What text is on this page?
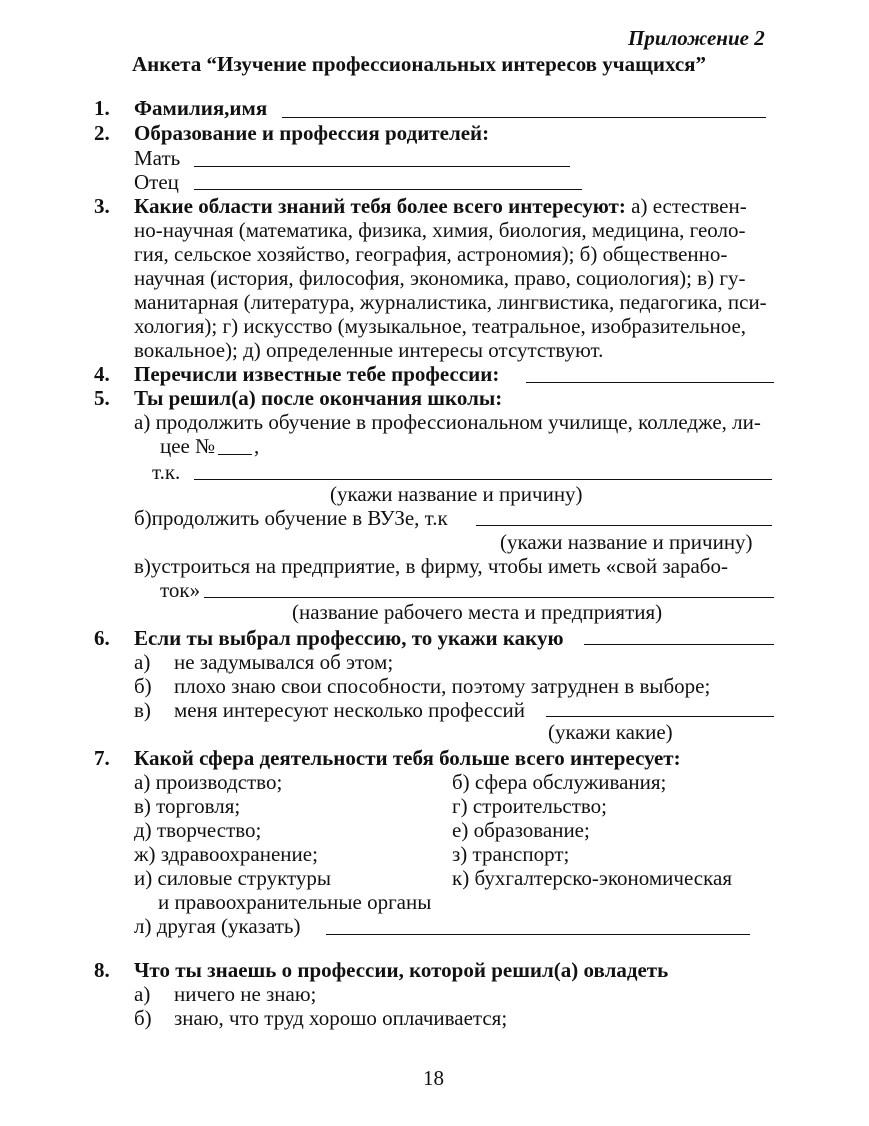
Приложение 2
Анкета “Изучение профессиональных интересов учащихся”
1. Фамилия,имя
2. Образование и профессия родителей:
Мать
Отец
3. Какие области знаний тебя более всего интересуют: а) естествен-
но-научная (математика, физика, химия, биология, медицина, геоло-
гия, сельское хозяйство, география, астрономия); б) общественно-
научная (история, философия, экономика, право, социология); в) гу-
манитарная (литература, журналистика, лингвистика, педагогика, пси-
хология); г) искусство (музыкальное, театральное, изобразительное,
вокальное); д) определенные интересы отсутствуют.
4. Перечисли известные тебе профессии:
5. Ты решил(а) после окончания школы:
а) продолжить обучение в профессиональном училище, колледже, ли-
цее № ,
т.к.
(укажи название и причину)
б)продолжить обучение в ВУЗе, т.к
(укажи название и причину)
в)устроиться на предприятие, в фирму, чтобы иметь «свой зарабо-
ток»
(название рабочего места и предприятия)
6. Если ты выбрал профессию, то укажи какую
а) не задумывался об этом;
б) плохо знаю свои способности, поэтому затруднен в выборе;
в) меня интересуют несколько профессий
(укажи какие)
7. Какой сфера деятельности тебя больше всего интересует:
а) производство;	б) сфера обслуживания;
в) торговля;	г) строительство;
д) творчество;	е) образование;
ж) здравоохранение;	з) транспорт;
и) силовые структуры	к) бухгалтерско-экономическая
и правоохранительные органы
л) другая (указать)
8. Что ты знаешь о профессии, которой решил(а) овладеть
а) ничего не знаю;
б) знаю, что труд хорошо оплачивается;
18
